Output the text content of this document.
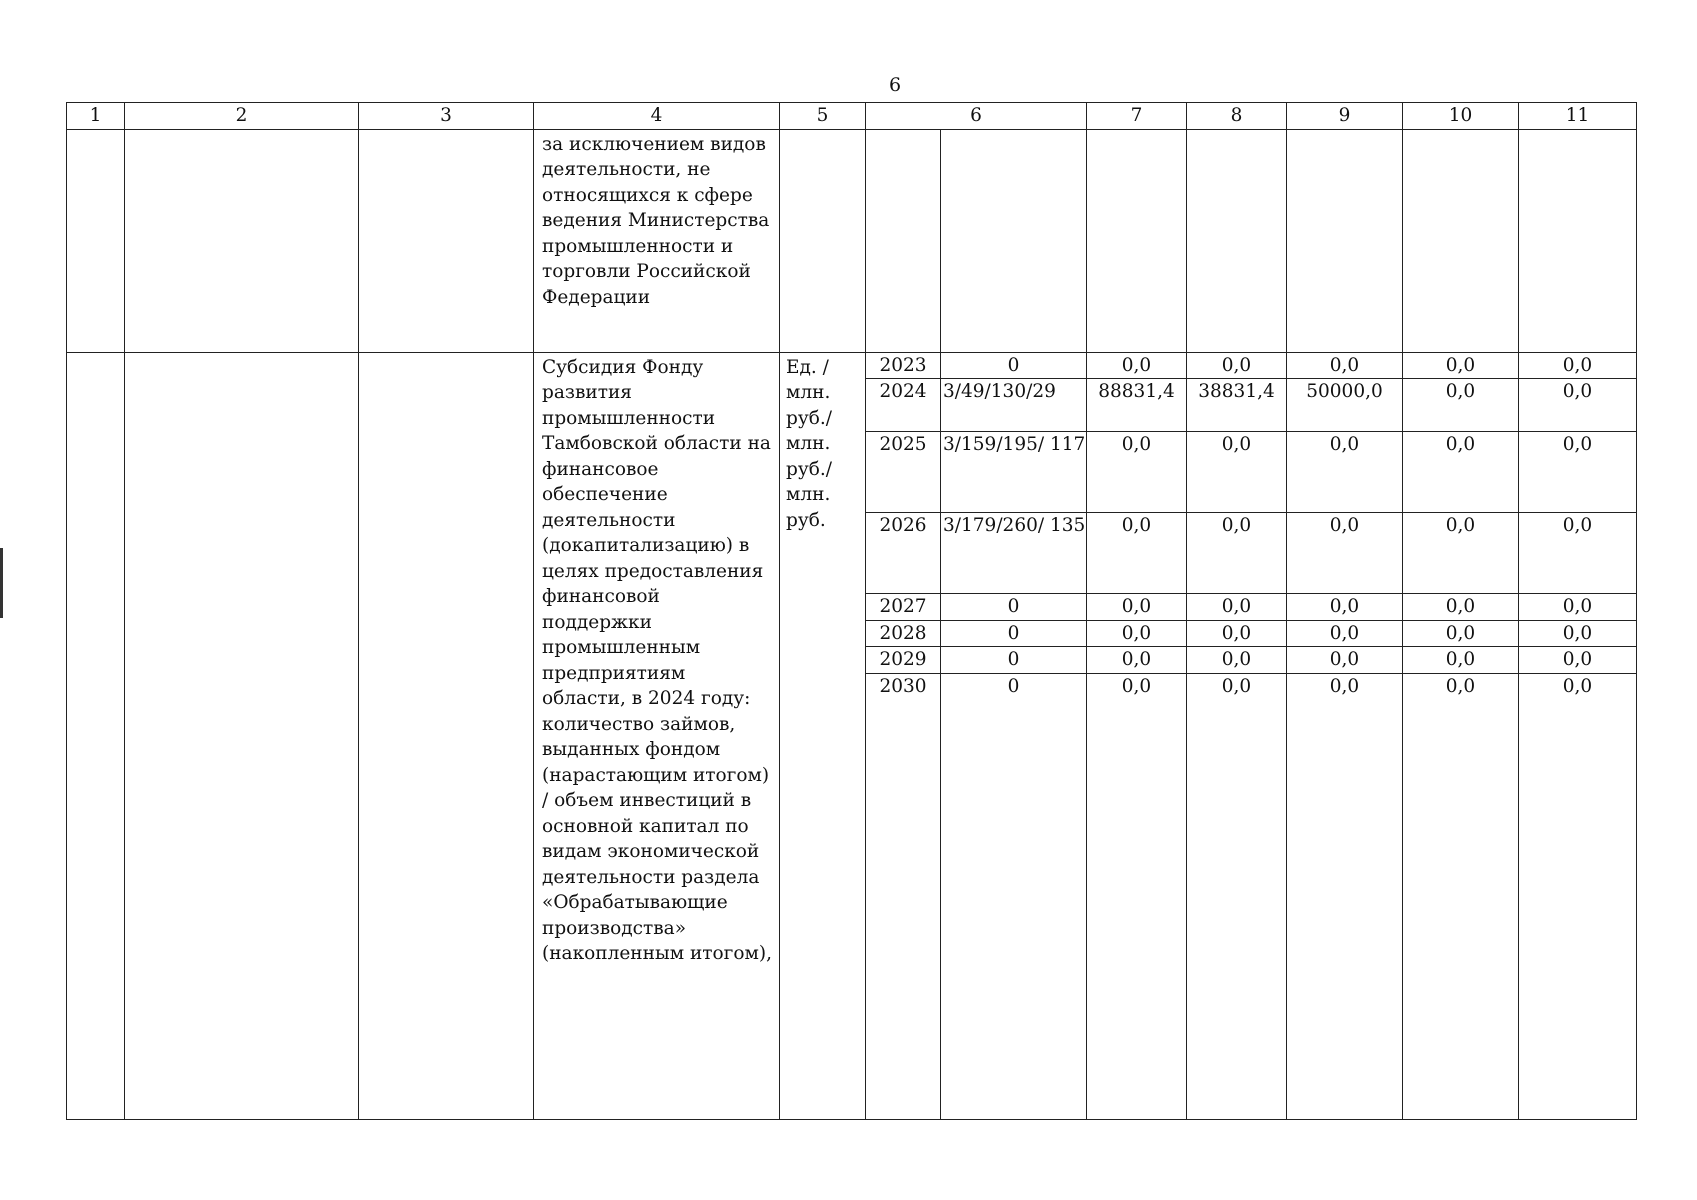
6
1	2	3	4	5	6		7	8	9	10	11
			за исключением видов деятельности, не относящихся к сфере ведения Министерства промышленности и торговли Российской Федерации								
			Субсидия Фонду развития промышленности Тамбовской области на финансовое обеспечение деятельности (докапитализацию) в целях предоставления финансовой поддержки промышленным предприятиям области, в 2024 году: количество займов, выданных фондом (нарастающим итогом) / объем инвестиций в основной капитал по видам экономической деятельности раздела «Обрабатывающие производства» (накопленным итогом),	Ед. / млн. руб./ млн. руб./ млн. руб.	2023	0	0,0	0,0	0,0	0,0	0,0
					2024	3/49/130/29	88831,4	38831,4	50000,0	0,0	0,0
					2025	3/159/195/ 117	0,0	0,0	0,0	0,0	0,0
					2026	3/179/260/ 135	0,0	0,0	0,0	0,0	0,0
					2027	0	0,0	0,0	0,0	0,0	0,0
					2028	0	0,0	0,0	0,0	0,0	0,0
					2029	0	0,0	0,0	0,0	0,0	0,0
					2030	0	0,0	0,0	0,0	0,0	0,0
